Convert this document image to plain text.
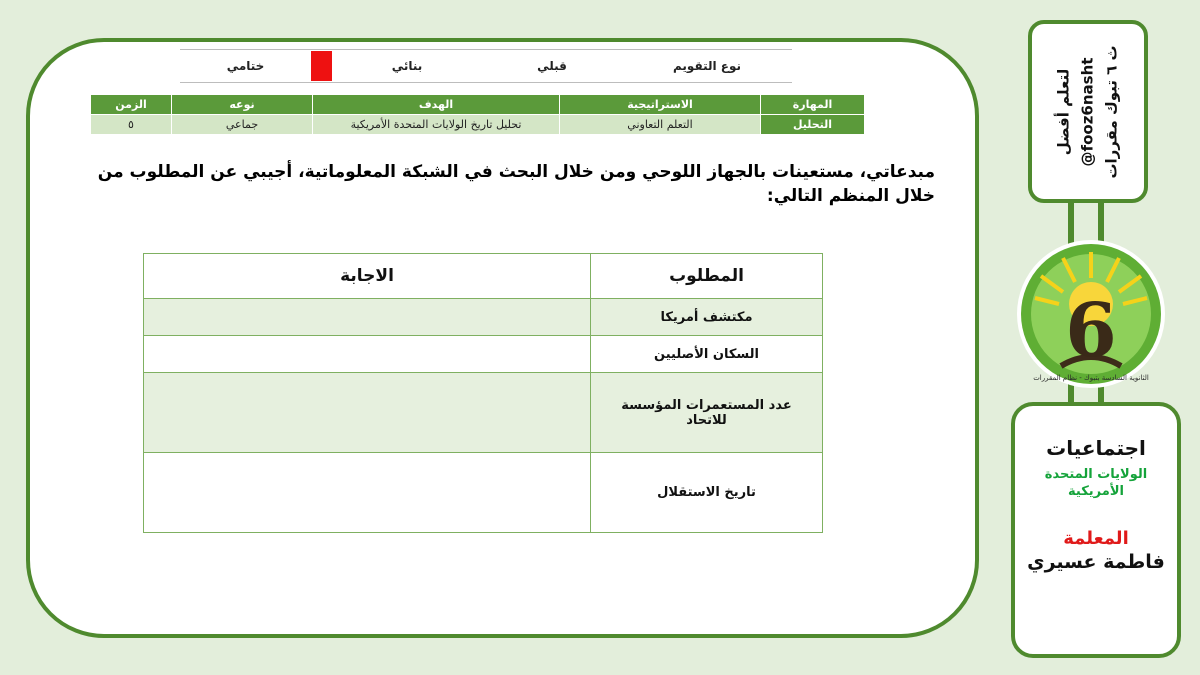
نوع التقويم
قبلي
بنائي
ختامي
المهارة	الاستراتيجية	الهدف	نوعه	الزمن
التحليل	التعلم التعاوني	تحليل تاريخ الولايات المتحدة الأمريكية	جماعي	٥
مبدعاتي، مستعينات بالجهاز اللوحي ومن خلال البحث في الشبكة المعلوماتية، أجيبي عن المطلوب من خلال المنظم التالي:
المطلوب	الاجابة
مكتشف أمريكا	
السكان الأصليين	
عدد المستعمرات المؤسسة للاتحاد	
تاريخ الاستقلال	
لتعلم أفضل @fooz6nasht ث ٦ تبوك مقررات
6
الثانوية السادسة بتبوك - نظام المقررات
اجتماعيات
الولايات المتحدة
الأمريكية
المعلمة
فاطمة عسيري
